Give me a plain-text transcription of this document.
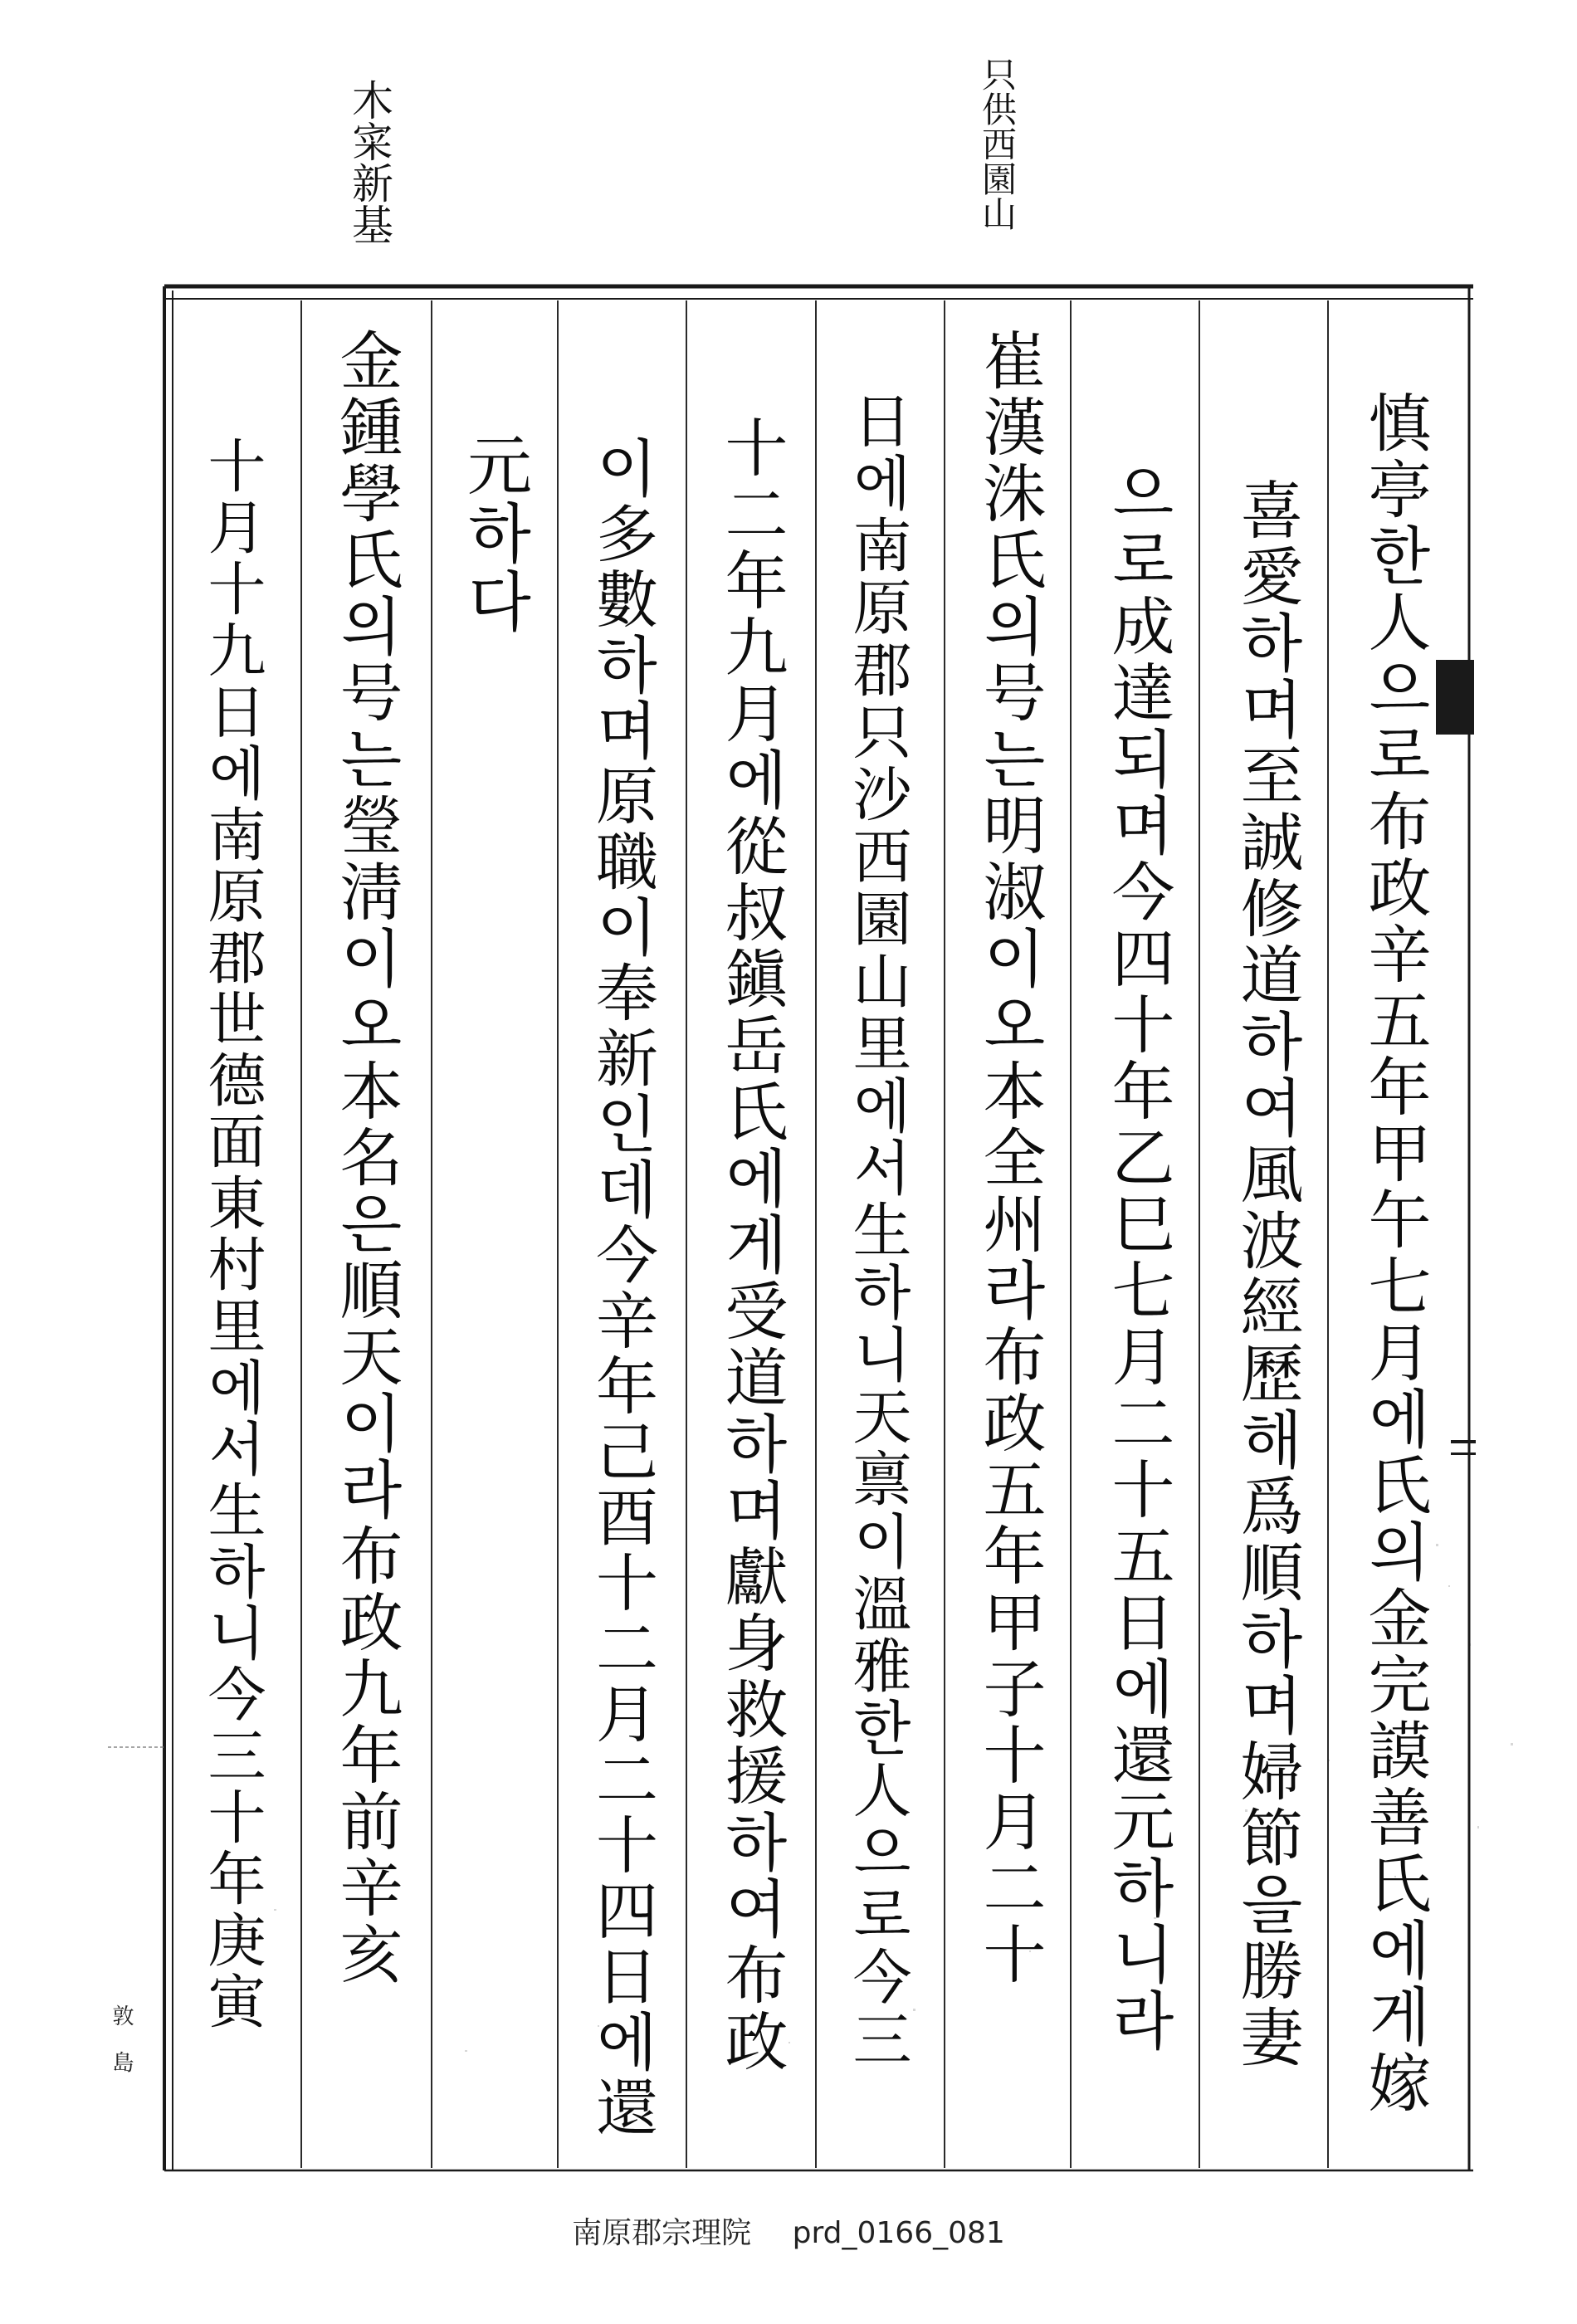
木寀新基	只供西園山
慎亭한人으로布政辛五年甲午七月에氏의金完謨善氏에게嫁
喜愛하며至誠修道하여風波經歷해爲順하며婦節을勝妻
으로成達되며今四十年乙巳七月二十五日에還元하니라
崔漢洙氏의号는明淑이오本全州라布政五年甲子十月二十
日에南原郡只沙西園山里에서生하니天禀이溫雅한人으로今三
十二年九月에從叔鎭岳氏에게受道하며獻身救援하여布政
이多數하며原職이奉新인데今辛年己酉十二月二十四日에還
元하다
金鍾學氏의号는瑩淸이오本名은順天이라布政九年前辛亥
十月十九日에南原郡世德面東村里에서生하니今三十年庚寅
敦島
南原郡宗理院 prd_0166_081
